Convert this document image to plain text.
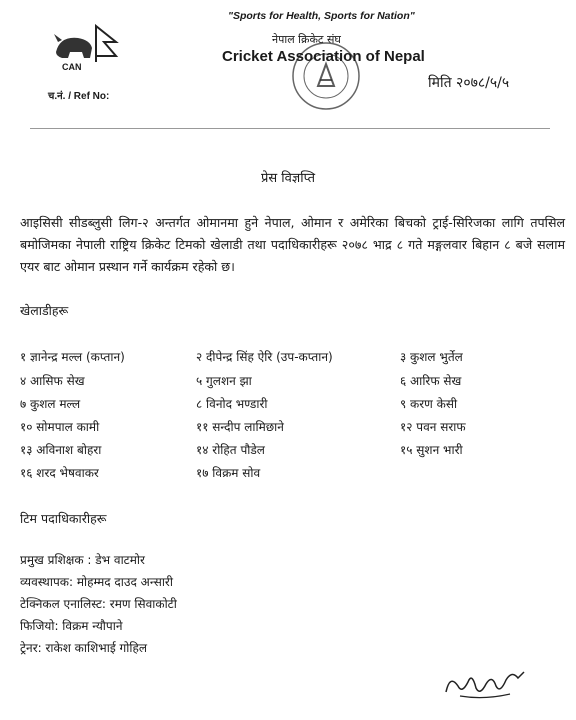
"Sports for Health, Sports for Nation"
CAN
नेपाल क्रिकेट संघ
Cricket Association of Nepal
मिति २०७८/५/५
च.नं. / Ref No:
प्रेस विज्ञप्ति
आइसिसी सीडब्लुसी लिग-२ अन्तर्गत ओमानमा हुने नेपाल, ओमान र अमेरिका बिचको ट्राई-सिरिजका लागि तपसिल बमोजिमका नेपाली राष्ट्रिय क्रिकेट टिमको खेलाडी तथा पदाधिकारीहरू २०७८ भाद्र ८ गते मङ्गलवार बिहान ८ बजे सलाम एयर बाट ओमान प्रस्थान गर्ने कार्यक्रम रहेको छ।
खेलाडीहरू
१ ज्ञानेन्द्र मल्ल (कप्तान)	२ दीपेन्द्र सिंह ऐरि (उप-कप्तान)	३ कुशल भुर्तेल
४ आसिफ सेख	५ गुलशन झा	६ आरिफ सेख
७ कुशल मल्ल	८ विनोद भण्डारी	९ करण केसी
१० सोमपाल कामी	११ सन्दीप लामिछाने	१२ पवन सराफ
१३ अविनाश बोहरा	१४ रोहित पौडेल	१५ सुशन भारी
१६ शरद भेषवाकर	१७ विक्रम सोव
टिम पदाधिकारीहरू
प्रमुख प्रशिक्षक : डेभ वाटमोर
व्यवस्थापक: मोहम्मद दाउद अन्सारी
टेक्निकल एनालिस्ट: रमण सिवाकोटी
फिजियो: विक्रम न्यौपाने
ट्रेनर: राकेश काशिभाई गोहिल
